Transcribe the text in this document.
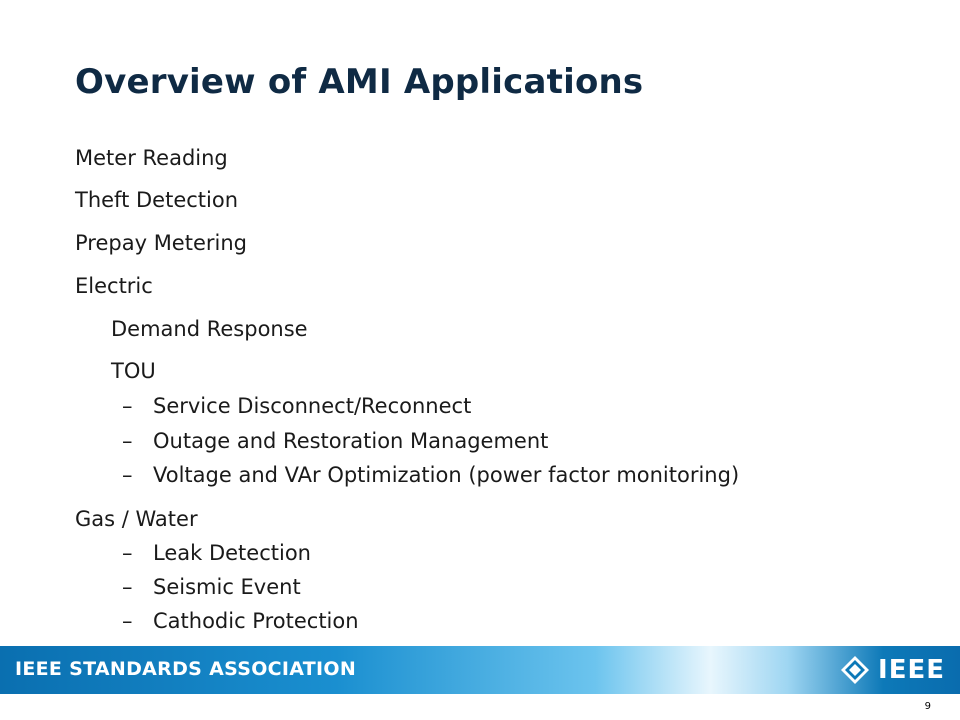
Overview of AMI Applications
Meter Reading
Theft Detection
Prepay Metering
Electric
Demand Response
TOU
– Service Disconnect/Reconnect
– Outage and Restoration Management
– Voltage and VAr Optimization (power factor monitoring)
Gas / Water
– Leak Detection
– Seismic Event
– Cathodic Protection
IEEE STANDARDS ASSOCIATION	IEEE
9
